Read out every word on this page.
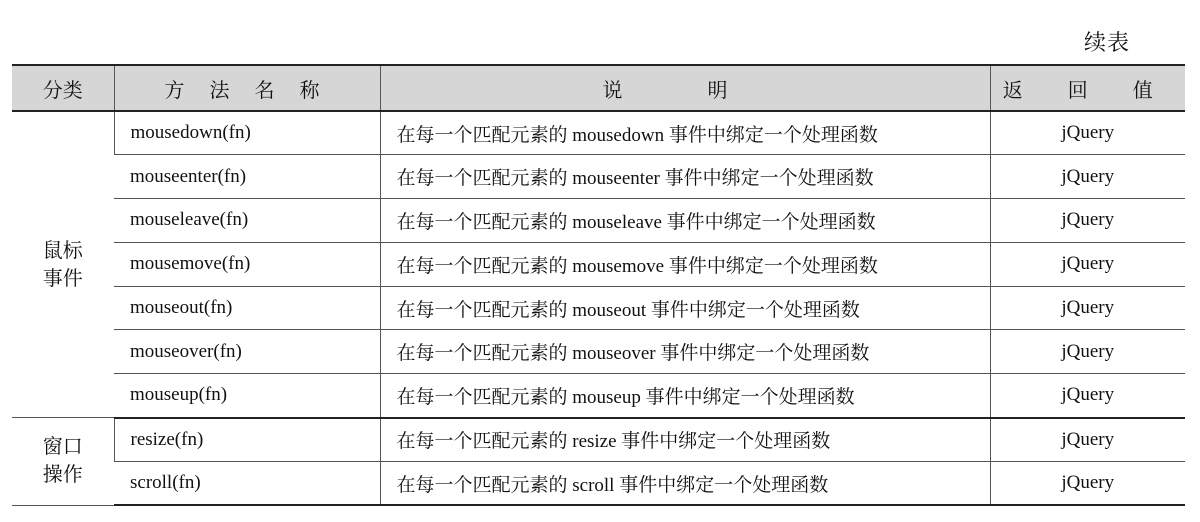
续表
分类	方 法 名 称	说 明	返 回 值

鼠标
事件	mousedown(fn)	在每一个匹配元素的 mousedown 事件中绑定一个处理函数	jQuery
	mouseenter(fn)	在每一个匹配元素的 mouseenter 事件中绑定一个处理函数	jQuery
	mouseleave(fn)	在每一个匹配元素的 mouseleave 事件中绑定一个处理函数	jQuery
	mousemove(fn)	在每一个匹配元素的 mousemove 事件中绑定一个处理函数	jQuery
	mouseout(fn)	在每一个匹配元素的 mouseout 事件中绑定一个处理函数	jQuery
	mouseover(fn)	在每一个匹配元素的 mouseover 事件中绑定一个处理函数	jQuery
	mouseup(fn)	在每一个匹配元素的 mouseup 事件中绑定一个处理函数	jQuery

窗口
操作	resize(fn)	在每一个匹配元素的 resize 事件中绑定一个处理函数	jQuery
	scroll(fn)	在每一个匹配元素的 scroll 事件中绑定一个处理函数	jQuery
